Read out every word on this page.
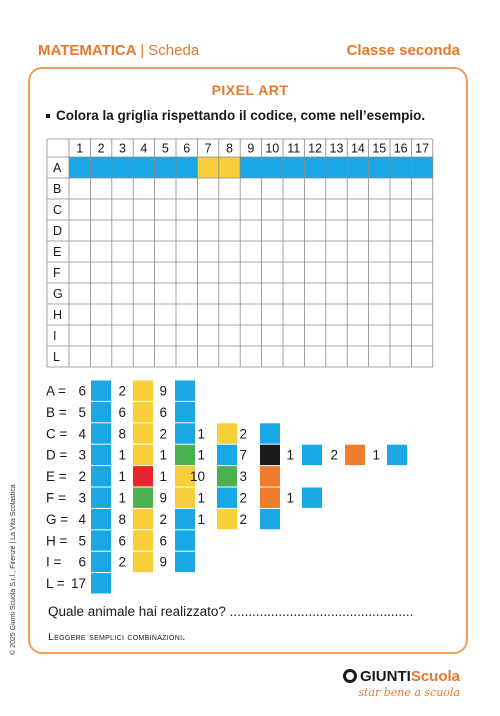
MATEMATICA | Scheda	Classe seconda
PIXEL ART
Colora la griglia rispettando il codice, come nell’esempio.
1 2 3 4 5 6 7 8 9 10 11 12 13 14 15 16 17
A
B
C
D
E
F
G
H
I
L
A = 6 2 9
B = 5 6 6
C = 4 8 2 1	2
D = 3 1 1 1	7	1	2	1
E = 2 1 1 10	3
F = 3 1 9 1	2	1
G = 4 8 2 1	2
H = 5 6 6
I = 6 2 9
L = 17
Quale animale hai realizzato? .................................................
Leggere semplici combinazioni.
© 2025 Giunti Scuola S.r.l., Firenze | La Vita Scolastica
GIUNTIScuola
star bene a scuola
